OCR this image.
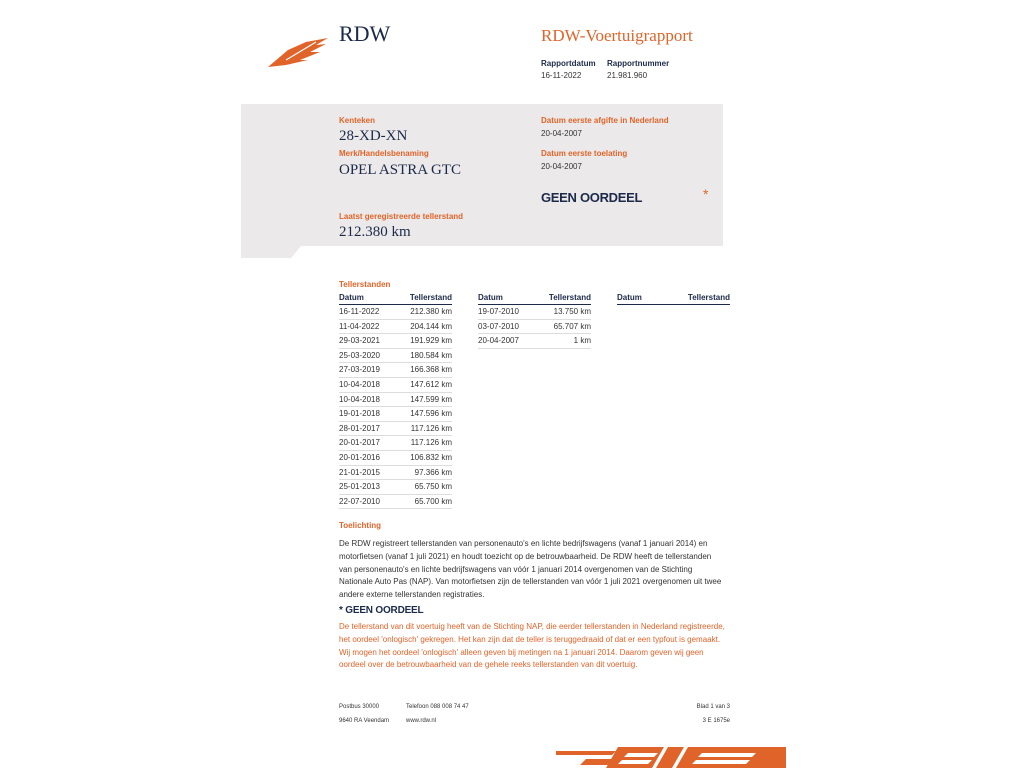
RDW	RDW-Voertuigrapport
Rapportdatum
16-11-2022
Rapportnummer
21.981.960
Kenteken
28-XD-XN
Merk/Handelsbenaming
OPEL ASTRA GTC
Datum eerste afgifte in Nederland
20-04-2007
Datum eerste toelating
20-04-2007
GEEN OORDEEL	*
Laatst geregistreerde tellerstand
212.380 km
Tellerstanden
Datum	Tellerstand
16-11-2022	212.380 km
11-04-2022	204.144 km
29-03-2021	191.929 km
25-03-2020	180.584 km
27-03-2019	166.368 km
10-04-2018	147.612 km
10-04-2018	147.599 km
19-01-2018	147.596 km
28-01-2017	117.126 km
20-01-2017	117.126 km
20-01-2016	106.832 km
21-01-2015	97.366 km
25-01-2013	65.750 km
22-07-2010	65.700 km
Datum	Tellerstand
19-07-2010	13.750 km
03-07-2010	65.707 km
20-04-2007	1 km
Datum	Tellerstand
Toelichting
De RDW registreert tellerstanden van personenauto's en lichte bedrijfswagens (vanaf 1 januari 2014) en motorfietsen (vanaf 1 juli 2021) en houdt toezicht op de betrouwbaarheid. De RDW heeft de tellerstanden van personenauto's en lichte bedrijfswagens van vóór 1 januari 2014 overgenomen van de Stichting Nationale Auto Pas (NAP). Van motorfietsen zijn de tellerstanden van vóór 1 juli 2021 overgenomen uit twee andere externe tellerstanden registraties.
* GEEN OORDEEL
De tellerstand van dit voertuig heeft van de Stichting NAP, die eerder tellerstanden in Nederland registreerde, het oordeel 'onlogisch' gekregen. Het kan zijn dat de teller is teruggedraaid of dat er een typfout is gemaakt. Wij mogen het oordeel 'onlogisch' alleen geven bij metingen na 1 januari 2014. Daarom geven wij geen oordeel over de betrouwbaarheid van de gehele reeks tellerstanden van dit voertuig.
Postbus 30000
9640 RA Veendam
Telefoon 088 008 74 47
www.rdw.nl
Blad 1 van 3
3 E 1675e
